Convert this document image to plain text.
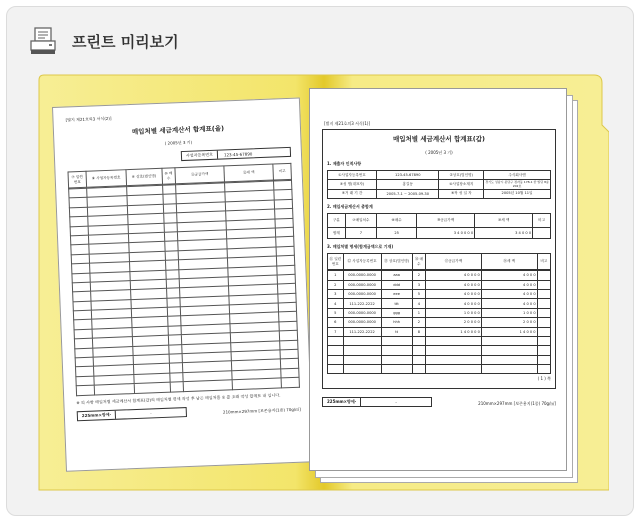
프린트 미리보기
[별지 제21호의3 서식(2)]
매입처별 세금계산서 합계표(을)
( 2005년 3 기)
사업자등록번호	123-45-67890
⑦ 일련 번호	⑧ 사업자등록번호	⑨ 상호(법인명)	⑩ 매수	⑪공급가액	⑫세 액	비고

※ 의 사항 매입처별 세금계산서 합계표(갑)의 매입처별 명세 작성 후 남은 매입처를 ① 를 조래 작성 합계표 내 입니다.
225mm×방에·	-	210mm×297mm [보존용지(1종) 70g/㎡]
[별지 제21호의3 서식(1)]
매입처별 세금계산서 합계표(갑)
( 2005년 3 기)
1. 제출자 인적사항
①사업자등록번호	123-45-67890	②상호(법인명)	주식회사앤
③성 명(대표자)	홍길동	④사업장소재지	경기도 성남시 분당구 정자동 178-1 한 빌딩 8층 202호
⑤거 래 기 간	2005-7-1 ~ 2005-09-30	⑥작 성 일 자	2005년 10월 11일
2. 매입세금계산서 총합계
구분	⑦매입처수	⑧매수	⑨공급가액	⑩세 액	비고
합계	7	25	3 4 0 0 0 0	3 4 0 0 0	
3. 매입처별 명세(합계금액으로 기재)
⑪ 일련 번호	⑫ 사업자등록번호	⑬ 상호(법인명)	⑭ 매수	⑮공급가액	⑯세 액	비고
1	000-0000-0000	aaa	2	4 0 0 0 0	4 0 0 0	
2	000-0000-0000	ddd	3	4 0 0 0 0	4 0 0 0	
3	000-0000-0000	eee	5	4 0 0 0 0	4 0 0 0	
4	111-222-2222	ttt	4	4 0 0 0 0	4 0 0 0	
5	000-0000-0000	ggg	1	1 0 0 0 0	1 0 0 0	
6	000-0000-0000	hhh	2	2 0 0 0 0	2 0 0 0	
7	111-222-2222	tt	8	1 4 0 0 0 0	1 4 0 0 0	

( 1 ) 쪽
225mm×방에·	-	210mm×297mm [보존용지(1종) 70g/㎡]
